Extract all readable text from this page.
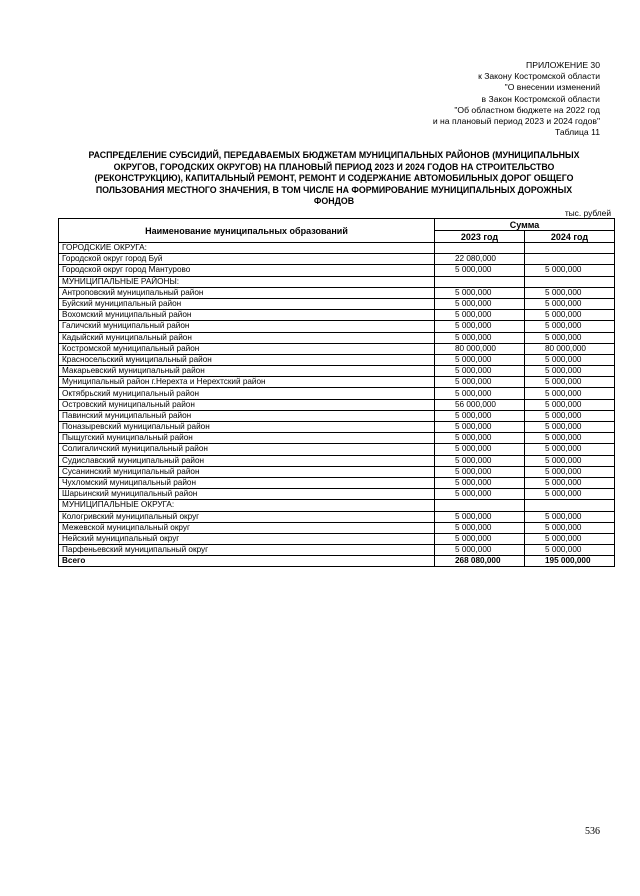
ПРИЛОЖЕНИЕ 30
к Закону Костромской области
"О внесении изменений
в Закон Костромской области
"Об областном бюджете на 2022 год
и на плановый период 2023 и 2024 годов"
Таблица 11
РАСПРЕДЕЛЕНИЕ СУБСИДИЙ, ПЕРЕДАВАЕМЫХ БЮДЖЕТАМ МУНИЦИПАЛЬНЫХ РАЙОНОВ (МУНИЦИПАЛЬНЫХ
ОКРУГОВ, ГОРОДСКИХ ОКРУГОВ) НА ПЛАНОВЫЙ ПЕРИОД 2023 И 2024 ГОДОВ НА СТРОИТЕЛЬСТВО
(РЕКОНСТРУКЦИЮ), КАПИТАЛЬНЫЙ РЕМОНТ, РЕМОНТ И СОДЕРЖАНИЕ АВТОМОБИЛЬНЫХ ДОРОГ ОБЩЕГО
ПОЛЬЗОВАНИЯ МЕСТНОГО ЗНАЧЕНИЯ, В ТОМ ЧИСЛЕ НА ФОРМИРОВАНИЕ МУНИЦИПАЛЬНЫХ ДОРОЖНЫХ
ФОНДОВ
тыс. рублей
Наименование муниципальных образований	Сумма	
	2023 год	2024 год
ГОРОДСКИЕ ОКРУГА:		
Городской округ город Буй	22 080,000	
Городской округ город Мантурово	5 000,000	5 000,000
МУНИЦИПАЛЬНЫЕ РАЙОНЫ:		
Антроповский муниципальный район	5 000,000	5 000,000
Буйский муниципальный район	5 000,000	5 000,000
Вохомский муниципальный район	5 000,000	5 000,000
Галичский муниципальный район	5 000,000	5 000,000
Кадыйский муниципальный район	5 000,000	5 000,000
Костромской муниципальный район	80 000,000	80 000,000
Красносельский муниципальный район	5 000,000	5 000,000
Макарьевский муниципальный район	5 000,000	5 000,000
Муниципальный район г.Нерехта и Нерехтский район	5 000,000	5 000,000
Октябрьский муниципальный район	5 000,000	5 000,000
Островский муниципальный район	56 000,000	5 000,000
Павинский муниципальный район	5 000,000	5 000,000
Поназыревский муниципальный район	5 000,000	5 000,000
Пыщугский муниципальный район	5 000,000	5 000,000
Солигаличский муниципальный район	5 000,000	5 000,000
Судиславский муниципальный район	5 000,000	5 000,000
Сусанинский муниципальный район	5 000,000	5 000,000
Чухломский муниципальный район	5 000,000	5 000,000
Шарьинский муниципальный район	5 000,000	5 000,000
МУНИЦИПАЛЬНЫЕ ОКРУГА:		
Кологривский муниципальный округ	5 000,000	5 000,000
Межевской муниципальный округ	5 000,000	5 000,000
Нейский муниципальный округ	5 000,000	5 000,000
Парфеньевский муниципальный округ	5 000,000	5 000,000
Всего	268 080,000	195 000,000
536
